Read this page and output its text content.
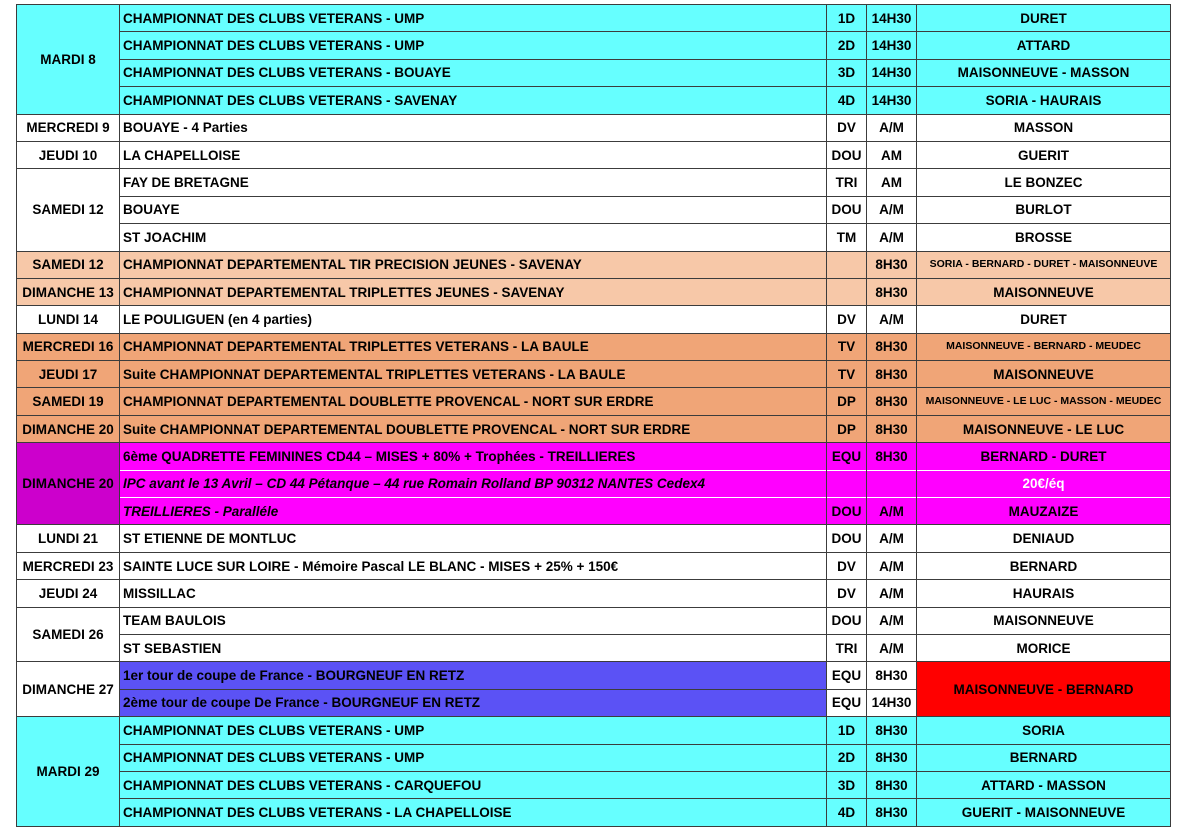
MARDI 8	CHAMPIONNAT DES CLUBS VETERANS - UMP	1D	14H30	DURET
	CHAMPIONNAT DES CLUBS VETERANS - UMP	2D	14H30	ATTARD
	CHAMPIONNAT DES CLUBS VETERANS - BOUAYE	3D	14H30	MAISONNEUVE - MASSON
	CHAMPIONNAT DES CLUBS VETERANS - SAVENAY	4D	14H30	SORIA - HAURAIS
MERCREDI 9	BOUAYE - 4 Parties	DV	A/M	MASSON
JEUDI 10	LA CHAPELLOISE	DOU	AM	GUERIT
SAMEDI 12	FAY DE BRETAGNE	TRI	AM	LE BONZEC
	BOUAYE	DOU	A/M	BURLOT
	ST JOACHIM	TM	A/M	BROSSE
SAMEDI 12	CHAMPIONNAT DEPARTEMENTAL TIR PRECISION JEUNES - SAVENAY		8H30	SORIA - BERNARD - DURET - MAISONNEUVE
DIMANCHE 13	CHAMPIONNAT DEPARTEMENTAL TRIPLETTES JEUNES - SAVENAY		8H30	MAISONNEUVE
LUNDI 14	LE POULIGUEN (en 4 parties)	DV	A/M	DURET
MERCREDI 16	CHAMPIONNAT DEPARTEMENTAL TRIPLETTES VETERANS - LA BAULE	TV	8H30	MAISONNEUVE - BERNARD - MEUDEC
JEUDI 17	Suite CHAMPIONNAT DEPARTEMENTAL TRIPLETTES VETERANS - LA BAULE	TV	8H30	MAISONNEUVE
SAMEDI 19	CHAMPIONNAT DEPARTEMENTAL DOUBLETTE PROVENCAL - NORT SUR ERDRE	DP	8H30	MAISONNEUVE - LE LUC - MASSON - MEUDEC
DIMANCHE 20	Suite CHAMPIONNAT DEPARTEMENTAL DOUBLETTE PROVENCAL - NORT SUR ERDRE	DP	8H30	MAISONNEUVE - LE LUC
DIMANCHE 20	6ème QUADRETTE FEMININES CD44 – MISES + 80% + Trophées - TREILLIERES	EQU	8H30	BERNARD - DURET
	IPC avant le 13 Avril – CD 44 Pétanque – 44 rue Romain Rolland BP 90312 NANTES Cedex4			20€/éq
	TREILLIERES - Paralléle	DOU	A/M	MAUZAIZE
LUNDI 21	ST ETIENNE DE MONTLUC	DOU	A/M	DENIAUD
MERCREDI 23	SAINTE LUCE SUR LOIRE - Mémoire Pascal LE BLANC - MISES + 25% + 150€	DV	A/M	BERNARD
JEUDI 24	MISSILLAC	DV	A/M	HAURAIS
SAMEDI 26	TEAM BAULOIS	DOU	A/M	MAISONNEUVE
	ST SEBASTIEN	TRI	A/M	MORICE
DIMANCHE 27	1er tour de coupe de France - BOURGNEUF EN RETZ	EQU	8H30	MAISONNEUVE - BERNARD
	2ème tour de coupe De France - BOURGNEUF EN RETZ	EQU	14H30	
MARDI 29	CHAMPIONNAT DES CLUBS VETERANS - UMP	1D	8H30	SORIA
	CHAMPIONNAT DES CLUBS VETERANS - UMP	2D	8H30	BERNARD
	CHAMPIONNAT DES CLUBS VETERANS - CARQUEFOU	3D	8H30	ATTARD - MASSON
	CHAMPIONNAT DES CLUBS VETERANS - LA CHAPELLOISE	4D	8H30	GUERIT - MAISONNEUVE
